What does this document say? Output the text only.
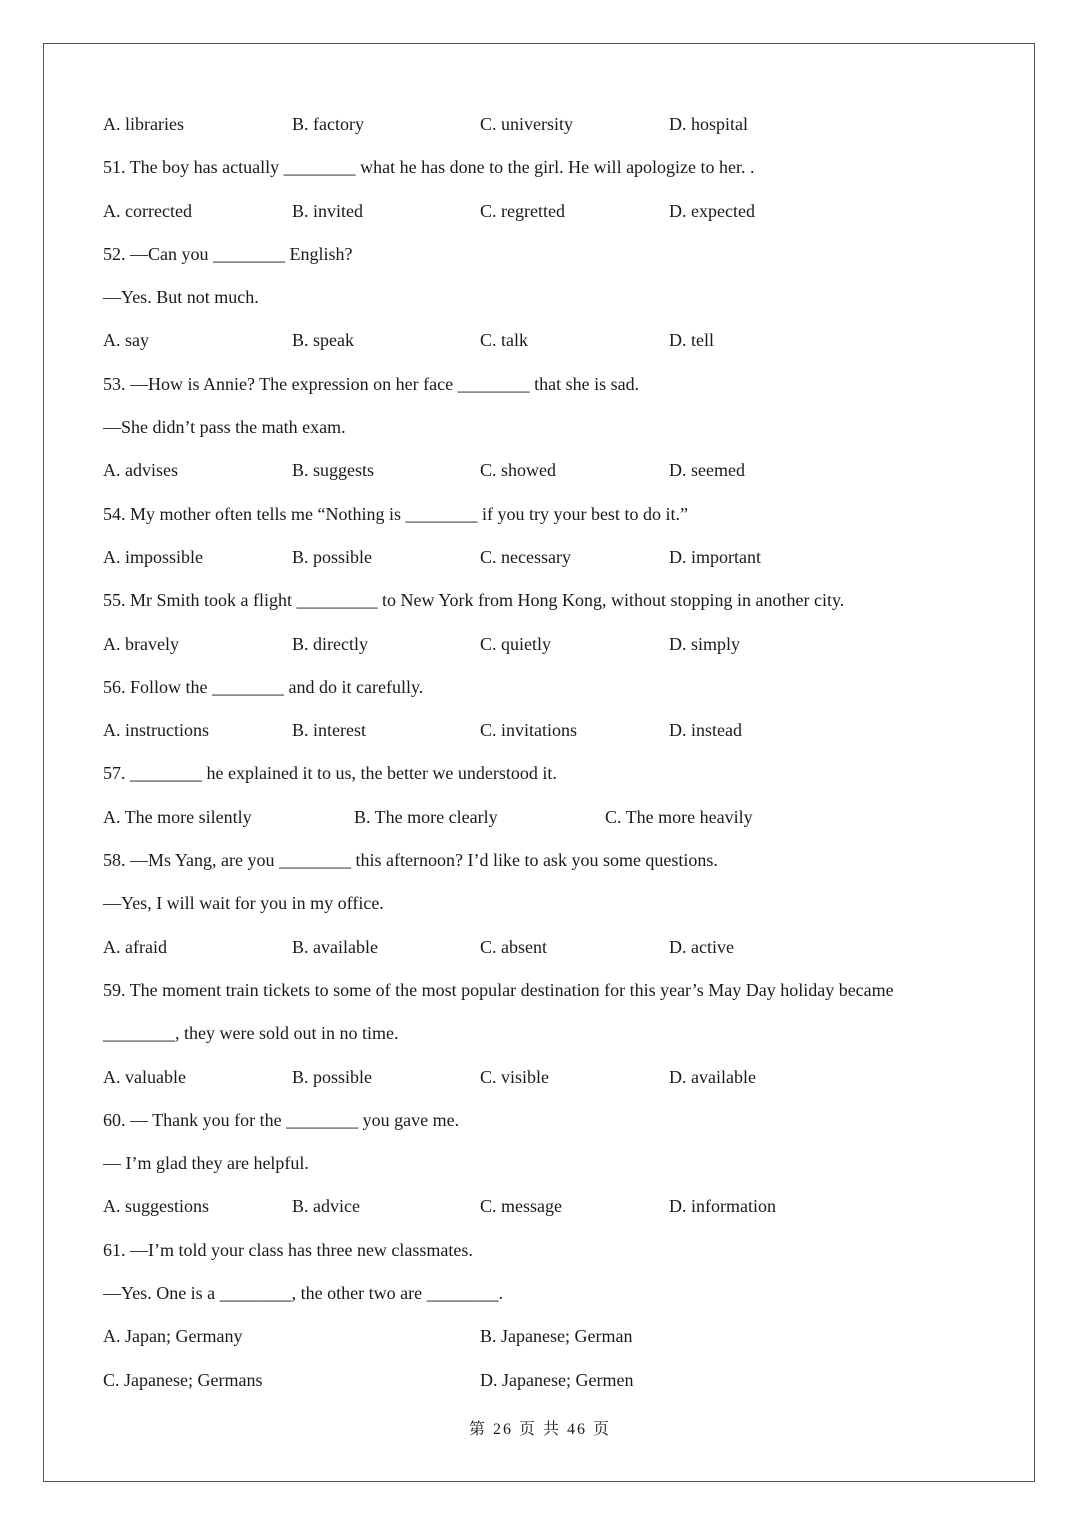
A. libraries	B. factory	C. university	D. hospital
51. The boy has actually ________ what he has done to the girl. He will apologize to her. .
A. corrected	B. invited	C. regretted	D. expected
52. —Can you ________ English?
—Yes. But not much.
A. say	B. speak	C. talk	D. tell
53. —How is Annie? The expression on her face ________ that she is sad.
—She didn’t pass the math exam.
A. advises	B. suggests	C. showed	D. seemed
54. My mother often tells me “Nothing is ________ if you try your best to do it.”
A. impossible	B. possible	C. necessary	D. important
55. Mr Smith took a flight _________ to New York from Hong Kong, without stopping in another city.
A. bravely	B. directly	C. quietly	D. simply
56. Follow the ________ and do it carefully.
A. instructions	B. interest	C. invitations	D. instead
57. ________ he explained it to us, the better we understood it.
A. The more silently	B. The more clearly	C. The more heavily
58. —Ms Yang, are you ________ this afternoon? I’d like to ask you some questions.
—Yes, I will wait for you in my office.
A. afraid	B. available	C. absent	D. active
59. The moment train tickets to some of the most popular destination for this year’s May Day holiday became
________, they were sold out in no time.
A. valuable	B. possible	C. visible	D. available
60. — Thank you for the ________ you gave me.
— I’m glad they are helpful.
A. suggestions	B. advice	C. message	D. information
61. —I’m told your class has three new classmates.
—Yes. One is a ________, the other two are ________.
A. Japan; Germany	B. Japanese; German
C. Japanese; Germans	D. Japanese; Germen
第 26 页 共 46 页
